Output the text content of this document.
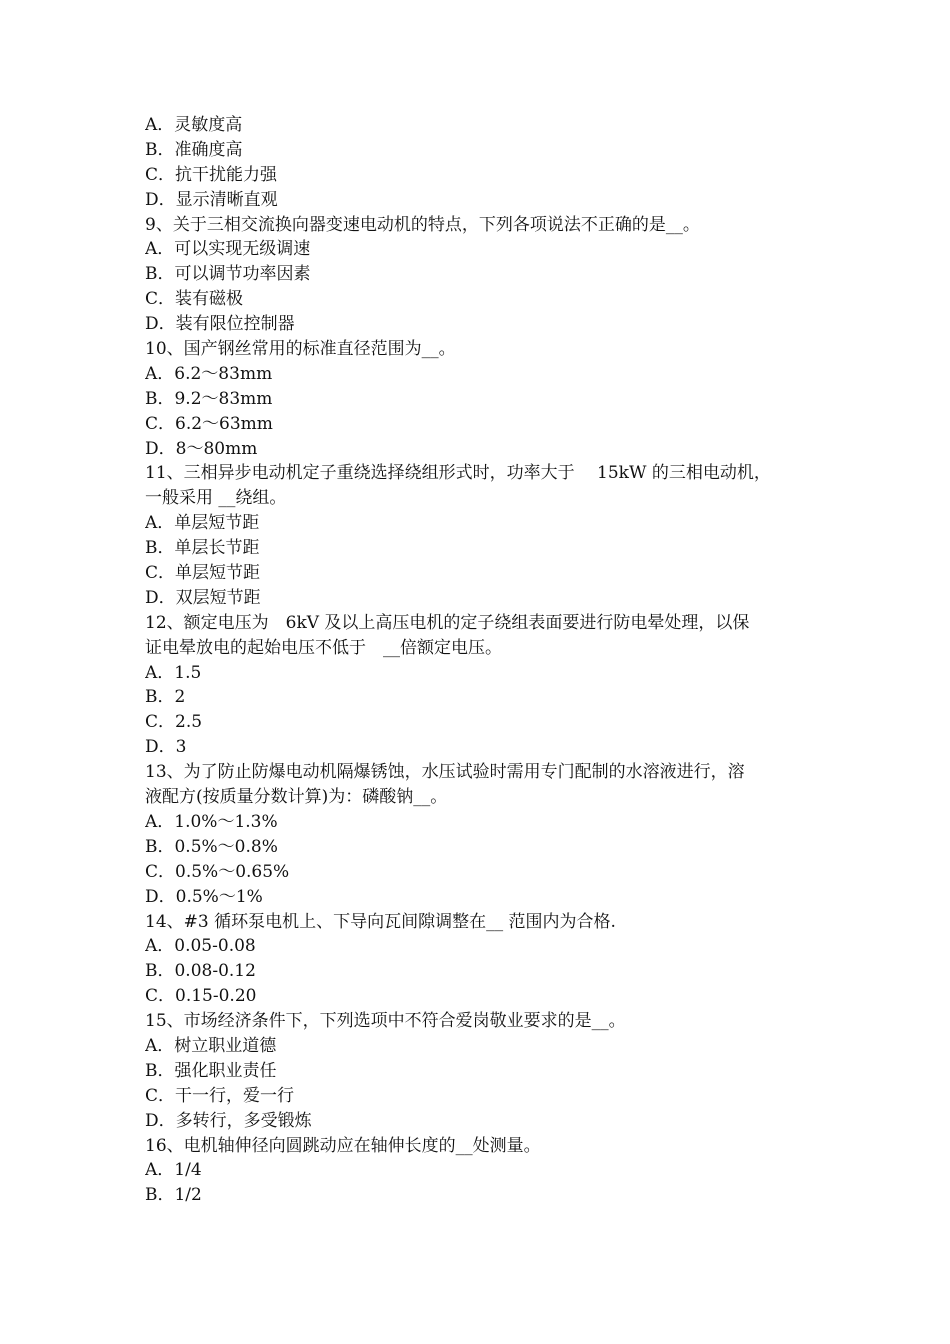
A．灵敏度高
B．准确度高
C．抗干扰能力强
D．显示清晰直观
9、关于三相交流换向器变速电动机的特点，下列各项说法不正确的是__。
A．可以实现无级调速
B．可以调节功率因素
C．装有磁极
D．装有限位控制器
10、国产钢丝常用的标准直径范围为__。
A．6.2～83mm
B．9.2～83mm
C．6.2～63mm
D．8～80mm
11、三相异步电动机定子重绕选择绕组形式时，功率大于　 15kW 的三相电动机，
一般采用 __绕组。
A．单层短节距
B．单层长节距
C．单层短节距
D．双层短节距
12、额定电压为　6kV 及以上高压电机的定子绕组表面要进行防电晕处理，以保
证电晕放电的起始电压不低于　__倍额定电压。
A．1.5
B．2
C．2.5
D．3
13、为了防止防爆电动机隔爆锈蚀，水压试验时需用专门配制的水溶液进行，溶
液配方(按质量分数计算)为：磷酸钠__。
A．1.0%～1.3%
B．0.5%～0.8%
C．0.5%～0.65%
D．0.5%～1%
14、#3 循环泵电机上、下导向瓦间隙调整在__ 范围内为合格.
A．0.05-0.08
B．0.08-0.12
C．0.15-0.20
15、市场经济条件下，下列选项中不符合爱岗敬业要求的是__。
A．树立职业道德
B．强化职业责任
C．干一行，爱一行
D．多转行，多受锻炼
16、电机轴伸径向圆跳动应在轴伸长度的__处测量。
A．1/4
B．1/2
